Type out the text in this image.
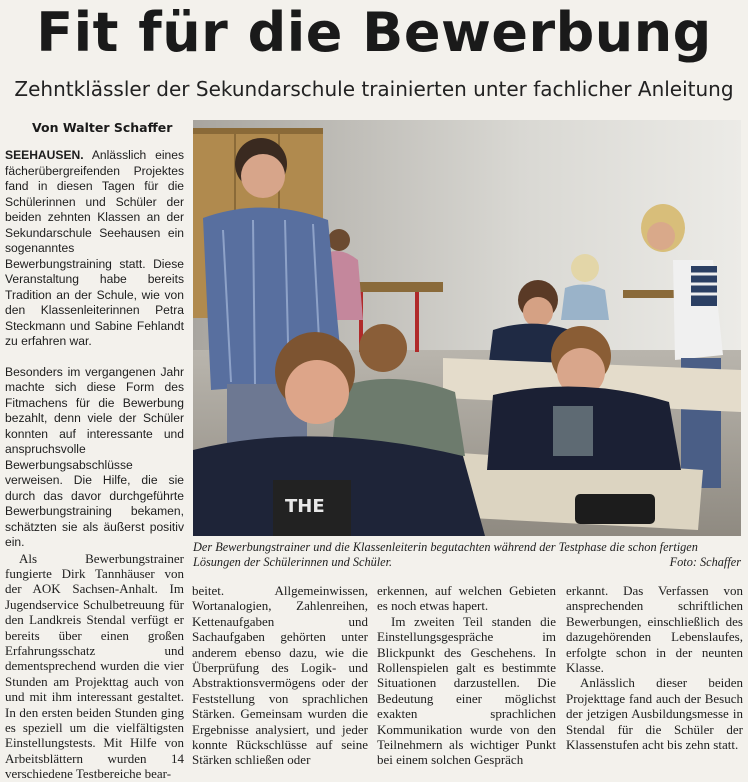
Fit für die Bewerbung
Zehntklässler der Sekundarschule trainierten unter fachlicher Anleitung
Von Walter Schaffer

SEEHAUSEN. Anlässlich eines fächerübergreifenden Projektes fand in diesen Tagen für die Schülerinnen und Schüler der beiden zehnten Klassen an der Sekundarschule Seehausen ein sogenanntes Bewerbungstraining statt. Diese Veranstaltung habe bereits Tradition an der Schule, wie von den Klassenleiterinnen Petra Steckmann und Sabine Fehlandt zu erfahren war.

Besonders im vergangenen Jahr machte sich diese Form des Fitmachens für die Bewerbung bezahlt, denn viele der Schüler konnten auf interessante und anspruchsvolle Bewerbungsabschlüsse verweisen. Die Hilfe, die sie durch das davor durchgeführte Bewerbungstraining bekamen, schätzten sie als äußerst positiv ein.

Als Bewerbungstrainer fungierte Dirk Tannhäuser von der AOK Sachsen-Anhalt. Im Jugendservice Schulbetreuung für den Landkreis Stendal verfügt er bereits über einen großen Erfahrungsschatz und dementsprechend wurden die vier Stunden am Projekttag auch von und mit ihm interessant gestaltet. In den ersten beiden Stunden ging es speziell um die vielfältigsten Einstellungstests. Mit Hilfe von Arbeitsblättern wurden 14 verschiedene Testbereiche bear-

THE
Der Bewerbungstrainer und die Klassenleiterin begutachten während der Testphase die schon fertigen Lösungen der Schülerinnen und Schüler.	Foto: Schaffer

beitet. Allgemeinwissen, Wortanalogien, Zahlenreihen, Kettenaufgaben und Sachaufgaben gehörten unter anderem ebenso dazu, wie die Überprüfung des Logik- und Abstraktionsvermögens oder der Feststellung von sprachlichen Stärken. Gemeinsam wurden die Ergebnisse analysiert, und jeder konnte Rückschlüsse auf seine Stärken schließen oder

erkennen, auf welchen Gebieten es noch etwas hapert.

Im zweiten Teil standen die Einstellungsgespräche im Blickpunkt des Geschehens. In Rollenspielen galt es bestimmte Situationen darzustellen. Die Bedeutung einer möglichst exakten sprachlichen Kommunikation wurde von den Teilnehmern als wichtiger Punkt bei einem solchen Gespräch

erkannt. Das Verfassen von ansprechenden schriftlichen Bewerbungen, einschließlich des dazugehörenden Lebenslaufes, erfolgte schon in der neunten Klasse.

Anlässlich dieser beiden Projekttage fand auch der Besuch der jetzigen Ausbildungsmesse in Stendal für die Schüler der Klassenstufen acht bis zehn statt.
